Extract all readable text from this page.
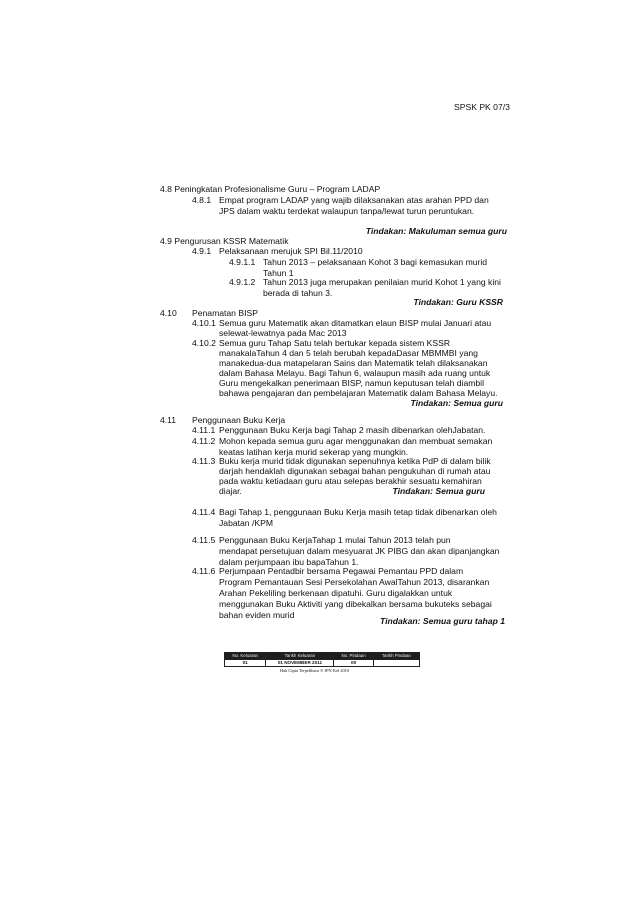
SPSK PK 07/3
4.8 Peningkatan Profesionalisme Guru – Program LADAP
4.8.1 Empat program LADAP yang wajib dilaksanakan atas arahan PPD dan
JPS dalam waktu terdekat walaupun tanpa/lewat turun peruntukan.
Tindakan: Makuluman semua guru
4.9 Pengurusan KSSR Matematik
4.9.1 Pelaksanaan merujuk SPI Bil.11/2010
4.9.1.1 Tahun 2013 – pelaksanaan Kohot 3 bagi kemasukan murid
Tahun 1
4.9.1.2 Tahun 2013 juga merupakan penilaian murid Kohot 1 yang kini
berada di tahun 3.
Tindakan: Guru KSSR
4.10 Penamatan BISP
4.10.1 Semua guru Matematik akan ditamatkan elaun BISP mulai Januari atau
selewat-lewatnya pada Mac 2013
4.10.2 Semua guru Tahap Satu telah bertukar kepada sistem KSSR
manakalaTahun 4 dan 5 telah berubah kepadaDasar MBMMBI yang
manakedua-dua matapelaran Sains dan Matematik telah dilaksanakan
dalam Bahasa Melayu. Bagi Tahun 6, walaupun masih ada ruang untuk
Guru mengekalkan penerimaan BISP, namun keputusan telah diambil
bahawa pengajaran dan pembelajaran Matematik dalam Bahasa Melayu.
Tindakan: Semua guru
4.11 Penggunaan Buku Kerja
4.11.1 Penggunaan Buku Kerja bagi Tahap 2 masih dibenarkan olehJabatan.
4.11.2 Mohon kepada semua guru agar menggunakan dan membuat semakan
keatas latihan kerja murid sekerap yang mungkin.
4.11.3 Buku kerja murid tidak digunakan sepenuhnya ketika PdP di dalam bilik
darjah hendaklah digunakan sebagai bahan pengukuhan di rumah atau
pada waktu ketiadaan guru atau selepas berakhir sesuatu kemahiran
diajar.	Tindakan: Semua guru
4.11.4 Bagi Tahap 1, penggunaan Buku Kerja masih tetap tidak dibenarkan oleh
Jabatan /KPM
4.11.5 Penggunaan Buku KerjaTahap 1 mulai Tahun 2013 telah pun
mendapat persetujuan dalam mesyuarat JK PIBG dan akan dipanjangkan
dalam perjumpaan ibu bapaTahun 1.
4.11.6 Perjumpaan Pentadbir bersama Pegawai Pemantau PPD dalam
Program Pemantauan Sesi Persekolahan AwalTahun 2013, disarankan
Arahan Pekeliling berkenaan dipatuhi. Guru digalakkan untuk
menggunakan Buku Aktiviti yang dibekalkan bersama bukuteks sebagai
bahan eviden murid
Tindakan: Semua guru tahap 1
No. Keluaran	Tarikh Keluaran	No. Pindaan	Tarikh Pindaan
01	01 NOVEMBER 2011	00	
Hak Cipta Terpelihara ® JPN Kel 2010
